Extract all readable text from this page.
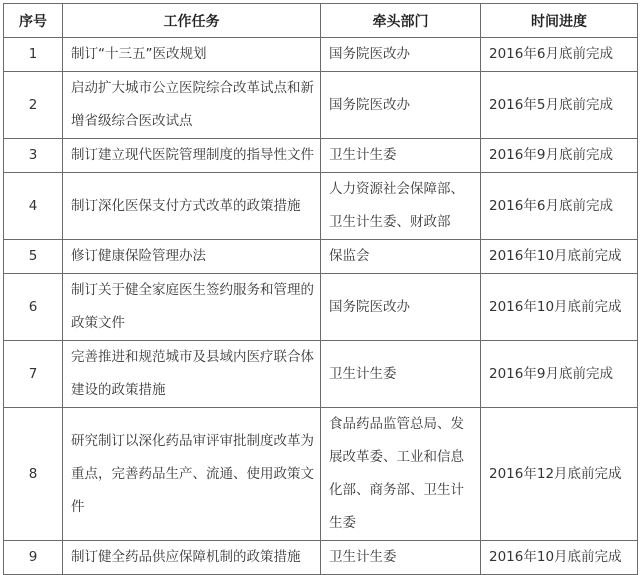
序号	工作任务	牵头部门	时间进度

1	制订“十三五”医改规划	国务院医改办	2016年6月底前完成

2	启动扩大城市公立医院综合改革试点和新
增省级综合医改试点	国务院医改办	2016年5月底前完成

3	制订建立现代医院管理制度的指导性文件	卫生计生委	2016年9月底前完成

4	制订深化医保支付方式改革的政策措施	人力资源社会保障部、
卫生计生委、财政部	2016年6月底前完成

5	修订健康保险管理办法	保监会	2016年10月底前完成

6	制订关于健全家庭医生签约服务和管理的
政策文件	国务院医改办	2016年10月底前完成

7	完善推进和规范城市及县域内医疗联合体
建设的政策措施	卫生计生委	2016年9月底前完成

8	研究制订以深化药品审评审批制度改革为
重点，完善药品生产、流通、使用政策文
件	食品药品监管总局、发
展改革委、工业和信息
化部、商务部、卫生计
生委	2016年12月底前完成

9	制订健全药品供应保障机制的政策措施	卫生计生委	2016年10月底前完成
